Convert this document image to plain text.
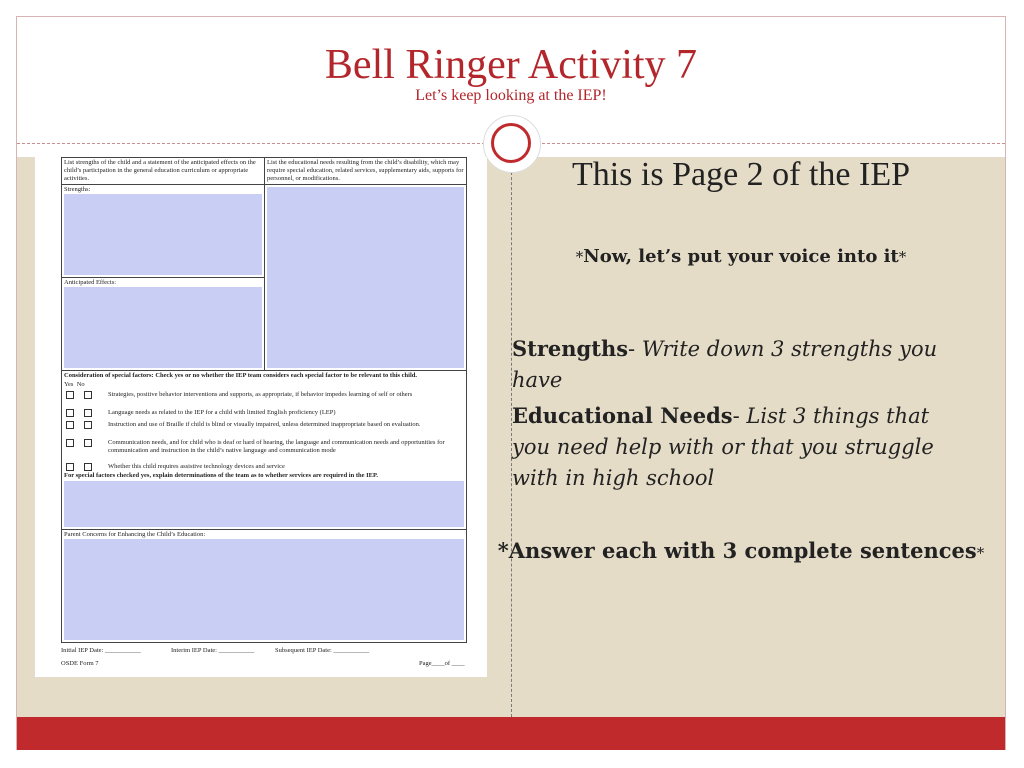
Bell Ringer Activity 7
Let’s keep looking at the IEP!
List strengths of the child and a statement of the anticipated effects on the child’s participation in the general education curriculum or appropriate activities.
List the educational needs resulting from the child’s disability, which may require special education, related services, supplementary aids, supports for personnel, or modifications.
Strengths:
Anticipated Effects:
Consideration of special factors: Check yes or no whether the IEP team considers each special factor to be relevant to this child.
Yes No
Strategies, positive behavior interventions and supports, as appropriate, if behavior impedes learning of self or others
Language needs as related to the IEP for a child with limited English proficiency (LEP)
Instruction and use of Braille if child is blind or visually impaired, unless determined inappropriate based on evaluation.
Communication needs, and for child who is deaf or hard of hearing, the language and communication needs and opportunities for communication and instruction in the child’s native language and communication mode
Whether this child requires assistive technology devices and service
For special factors checked yes, explain determinations of the team as to whether services are required in the IEP.
Parent Concerns for Enhancing the Child’s Education:
Initial IEP Date: ___________	Interim IEP Date: ___________	Subsequent IEP Date: ___________
OSDE Form 7	Page____of ____
This is Page 2 of the IEP
*Now, let’s put your voice into it*
Strengths- Write down 3 strengths you have
Educational Needs- List 3 things that you need help with or that you struggle with in high school
*Answer each with 3 complete sentences*
